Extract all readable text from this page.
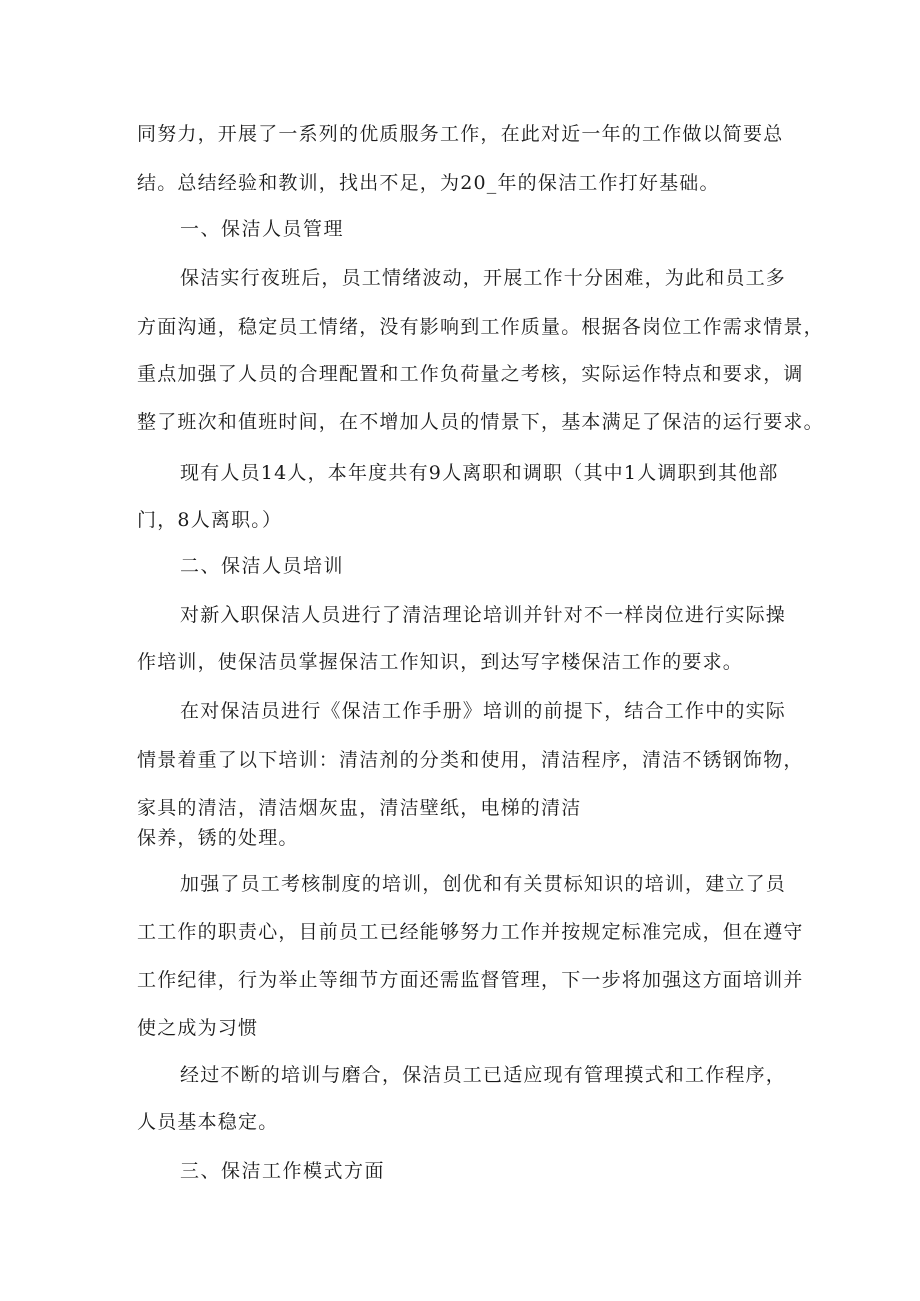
同努力，开展了一系列的优质服务工作，在此对近一年的工作做以简要总

结。总结经验和教训，找出不足，为20_年的保洁工作打好基础。

一、保洁人员管理

保洁实行夜班后，员工情绪波动，开展工作十分困难，为此和员工多

方面沟通，稳定员工情绪，没有影响到工作质量。根据各岗位工作需求情景，

重点加强了人员的合理配置和工作负荷量之考核，实际运作特点和要求，调

整了班次和值班时间，在不增加人员的情景下，基本满足了保洁的运行要求。

现有人员14人，本年度共有9人离职和调职（其中1人调职到其他部

门，8人离职。）

二、保洁人员培训

对新入职保洁人员进行了清洁理论培训并针对不一样岗位进行实际操

作培训，使保洁员掌握保洁工作知识，到达写字楼保洁工作的要求。

在对保洁员进行《保洁工作手册》培训的前提下，结合工作中的实际

情景着重了以下培训：清洁剂的分类和使用，清洁程序，清洁不锈钢饰物，

家具的清洁，清洁烟灰盅，清洁壁纸，电梯的清洁

保养，锈的处理。

加强了员工考核制度的培训，创优和有关贯标知识的培训，建立了员

工工作的职责心，目前员工已经能够努力工作并按规定标准完成，但在遵守

工作纪律，行为举止等细节方面还需监督管理，下一步将加强这方面培训并

使之成为习惯

经过不断的培训与磨合，保洁员工已适应现有管理摸式和工作程序，

人员基本稳定。

三、保洁工作模式方面
